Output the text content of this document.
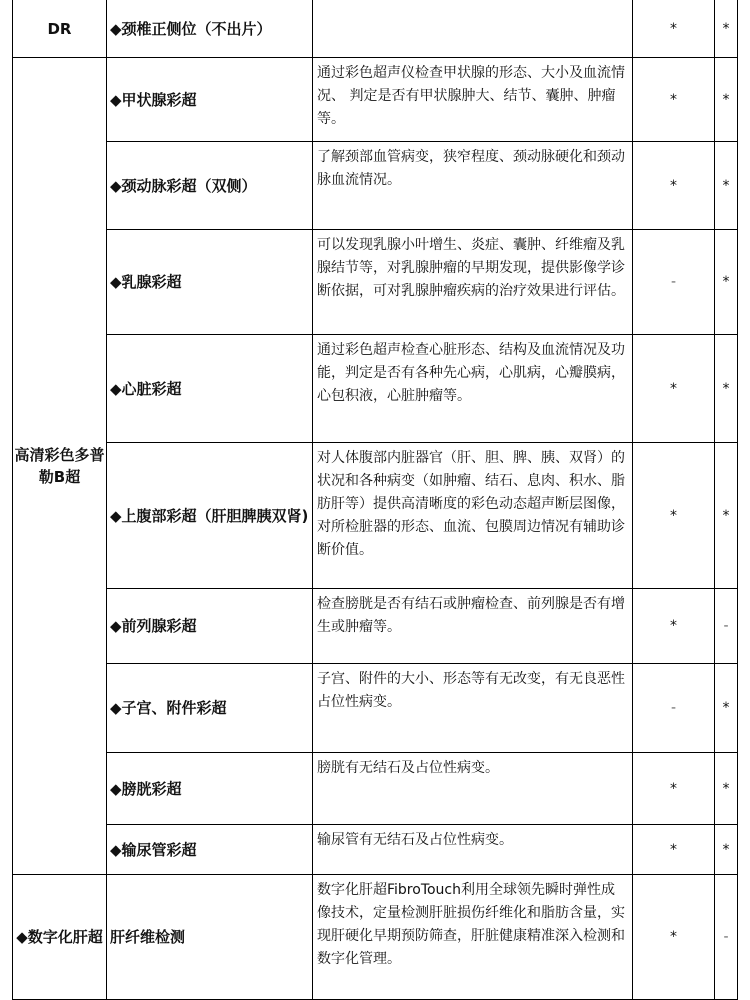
DR	◆颈椎正侧位（不出片）		*	*
高清彩色多普勒B超	◆甲状腺彩超	通过彩色超声仪检查甲状腺的形态、大小及血流情况、 判定是否有甲状腺肿大、结节、囊肿、肿瘤等。	*	*
	◆颈动脉彩超（双侧）	了解颈部血管病变，狭窄程度、颈动脉硬化和颈动脉血流情况。	*	*
	◆乳腺彩超	可以发现乳腺小叶增生、炎症、囊肿、纤维瘤及乳腺结节等，对乳腺肿瘤的早期发现，提供影像学诊断依据，可对乳腺肿瘤疾病的治疗效果进行评估。	-	*
	◆心脏彩超	通过彩色超声检查心脏形态、结构及血流情况及功能，判定是否有各种先心病，心肌病，心瓣膜病，心包积液，心脏肿瘤等。	*	*
	◆上腹部彩超（肝胆脾胰双肾)	对人体腹部内脏器官（肝、胆、脾、胰、双肾）的状况和各种病变（如肿瘤、结石、息肉、积水、脂肪肝等）提供高清晰度的彩色动态超声断层图像，对所检脏器的形态、血流、包膜周边情况有辅助诊断价值。	*	*
	◆前列腺彩超	检查膀胱是否有结石或肿瘤检查、前列腺是否有增生或肿瘤等。	*	-
	◆子宫、附件彩超	子宫、附件的大小、形态等有无改变，有无良恶性占位性病变。	-	*
	◆膀胱彩超	膀胱有无结石及占位性病变。	*	*
	◆输尿管彩超	输尿管有无结石及占位性病变。	*	*
◆数字化肝超	肝纤维检测	数字化肝超FibroTouch利用全球领先瞬时弹性成像技术，定量检测肝脏损伤纤维化和脂肪含量，实现肝硬化早期预防筛查，肝脏健康精准深入检测和数字化管理。	*	-
